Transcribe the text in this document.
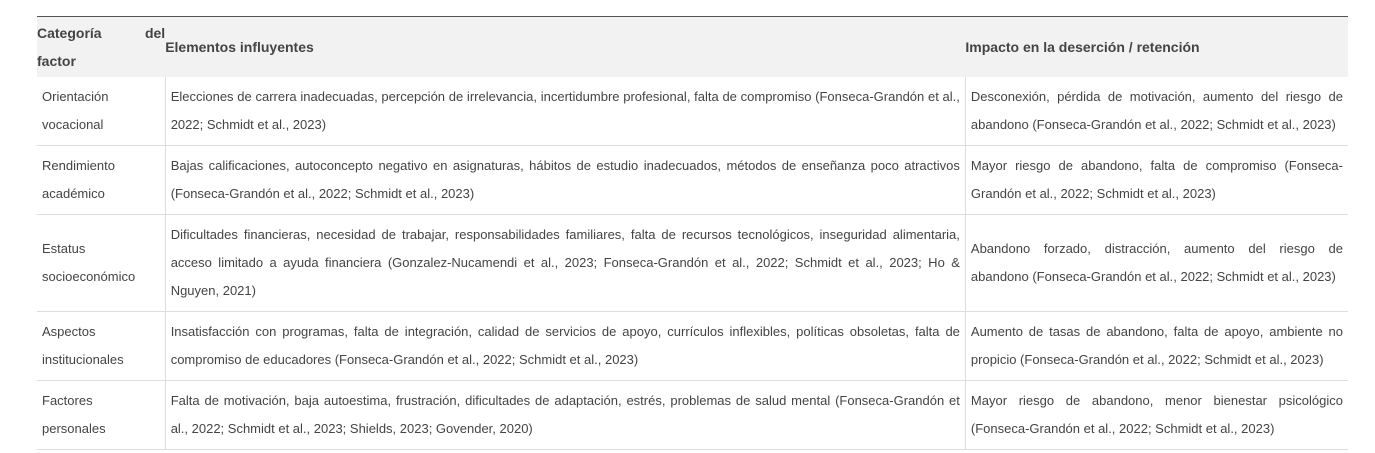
Categoría del factor	Elementos influyentes	Impacto en la deserción / retención
Orientación vocacional	Elecciones de carrera inadecuadas, percepción de irrelevancia, incertidumbre profesional, falta de compromiso (Fonseca-Grandón et al., 2022; Schmidt et al., 2023)	Desconexión, pérdida de motivación, aumento del riesgo de abandono (Fonseca-Grandón et al., 2022; Schmidt et al., 2023)
Rendimiento académico	Bajas calificaciones, autoconcepto negativo en asignaturas, hábitos de estudio inadecuados, métodos de enseñanza poco atractivos (Fonseca-Grandón et al., 2022; Schmidt et al., 2023)	Mayor riesgo de abandono, falta de compromiso (Fonseca-Grandón et al., 2022; Schmidt et al., 2023)
Estatus socioeconómico	Dificultades financieras, necesidad de trabajar, responsabilidades familiares, falta de recursos tecnológicos, inseguridad alimentaria, acceso limitado a ayuda financiera (Gonzalez-Nucamendi et al., 2023; Fonseca-Grandón et al., 2022; Schmidt et al., 2023; Ho & Nguyen, 2021)	Abandono forzado, distracción, aumento del riesgo de abandono (Fonseca-Grandón et al., 2022; Schmidt et al., 2023)
Aspectos institucionales	Insatisfacción con programas, falta de integración, calidad de servicios de apoyo, currículos inflexibles, políticas obsoletas, falta de compromiso de educadores (Fonseca-Grandón et al., 2022; Schmidt et al., 2023)	Aumento de tasas de abandono, falta de apoyo, ambiente no propicio (Fonseca-Grandón et al., 2022; Schmidt et al., 2023)
Factores personales	Falta de motivación, baja autoestima, frustración, dificultades de adaptación, estrés, problemas de salud mental (Fonseca-Grandón et al., 2022; Schmidt et al., 2023; Shields, 2023; Govender, 2020)	Mayor riesgo de abandono, menor bienestar psicológico (Fonseca-Grandón et al., 2022; Schmidt et al., 2023)
